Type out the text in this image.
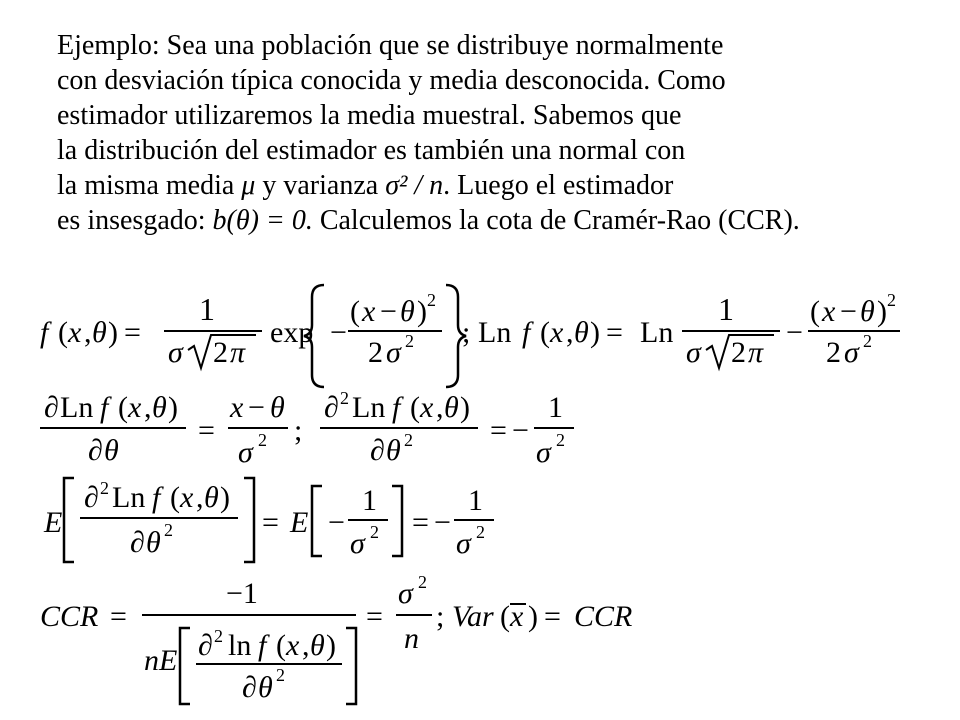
Ejemplo: Sea una población que se distribuye normalmente
con desviación típica conocida y media desconocida. Como
estimador utilizaremos la media muestral. Sabemos que
la distribución del estimador es también una normal con
la misma media μ y varianza σ² / n. Luego el estimador
es insesgado: b(θ) = 0. Calculemos la cota de Cramér-Rao (CCR).
f ( x , θ ) =
1
σ 2 π
exp −
( x − θ ) 2
2 σ 2 ; Ln f ( x , θ ) = Ln
1
σ 2 π
−
( x − θ ) 2
2 σ 2
∂ Ln f ( x , θ )
∂ θ
=
x − θ
σ 2 ;
∂ 2 Ln f ( x , θ )
∂ θ 2	= −
1
σ 2
E
∂ 2 Ln f ( x , θ )
∂ θ 2	= E −
1
σ 2 = −
1
σ 2
CCR =
−1
nE ∂ 2 ln f ( x , θ )
∂ θ 2
=
σ 2
n
; Var ( x ) = CCR
